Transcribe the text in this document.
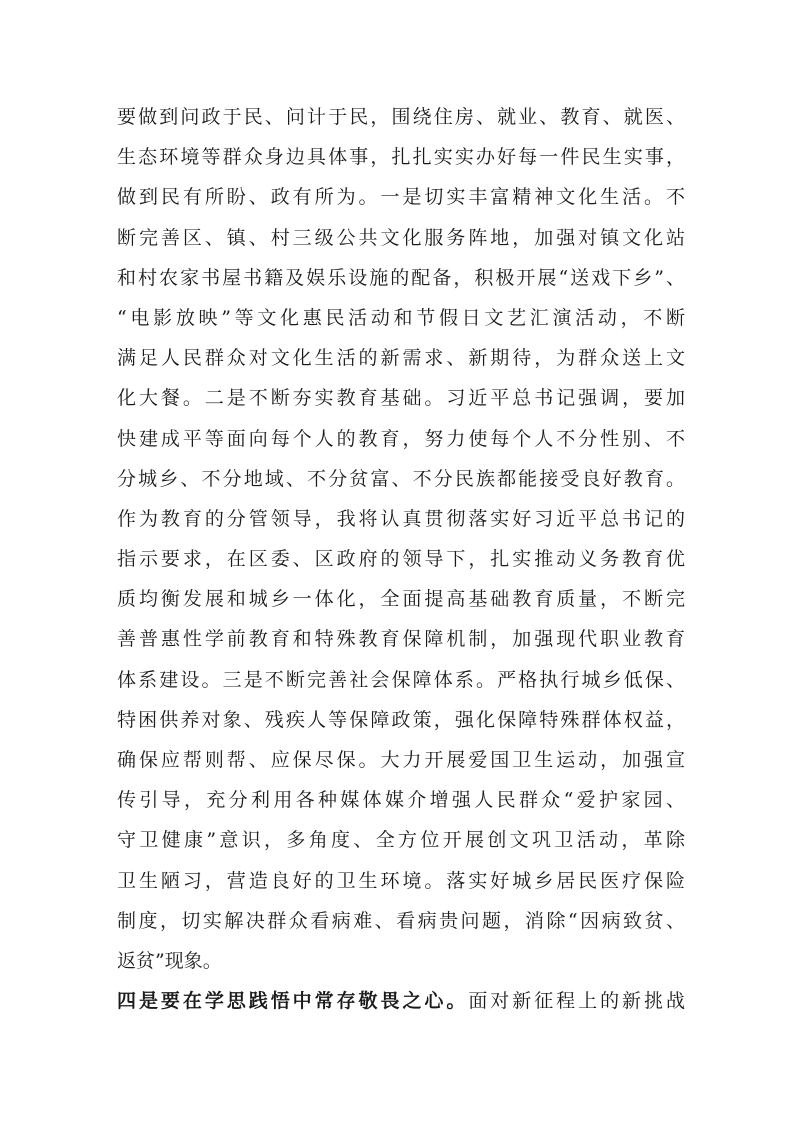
要做到问政于民、问计于民，围绕住房、就业、教育、就医、
生态环境等群众身边具体事，扎扎实实办好每一件民生实事，
做到民有所盼、政有所为。一是切实丰富精神文化生活。不
断完善区、镇、村三级公共文化服务阵地，加强对镇文化站
和村农家书屋书籍及娱乐设施的配备，积极开展“送戏下乡”、
“电影放映”等文化惠民活动和节假日文艺汇演活动，不断
满足人民群众对文化生活的新需求、新期待，为群众送上文
化大餐。二是不断夯实教育基础。习近平总书记强调，要加
快建成平等面向每个人的教育，努力使每个人不分性别、不
分城乡、不分地域、不分贫富、不分民族都能接受良好教育。
作为教育的分管领导，我将认真贯彻落实好习近平总书记的
指示要求，在区委、区政府的领导下，扎实推动义务教育优
质均衡发展和城乡一体化，全面提高基础教育质量，不断完
善普惠性学前教育和特殊教育保障机制，加强现代职业教育
体系建设。三是不断完善社会保障体系。严格执行城乡低保、
特困供养对象、残疾人等保障政策，强化保障特殊群体权益，
确保应帮则帮、应保尽保。大力开展爱国卫生运动，加强宣
传引导，充分利用各种媒体媒介增强人民群众“爱护家园、
守卫健康”意识，多角度、全方位开展创文巩卫活动，革除
卫生陋习，营造良好的卫生环境。落实好城乡居民医疗保险
制度，切实解决群众看病难、看病贵问题，消除“因病致贫、
返贫”现象。
四是要在学思践悟中常存敬畏之心。面对新征程上的新挑战
